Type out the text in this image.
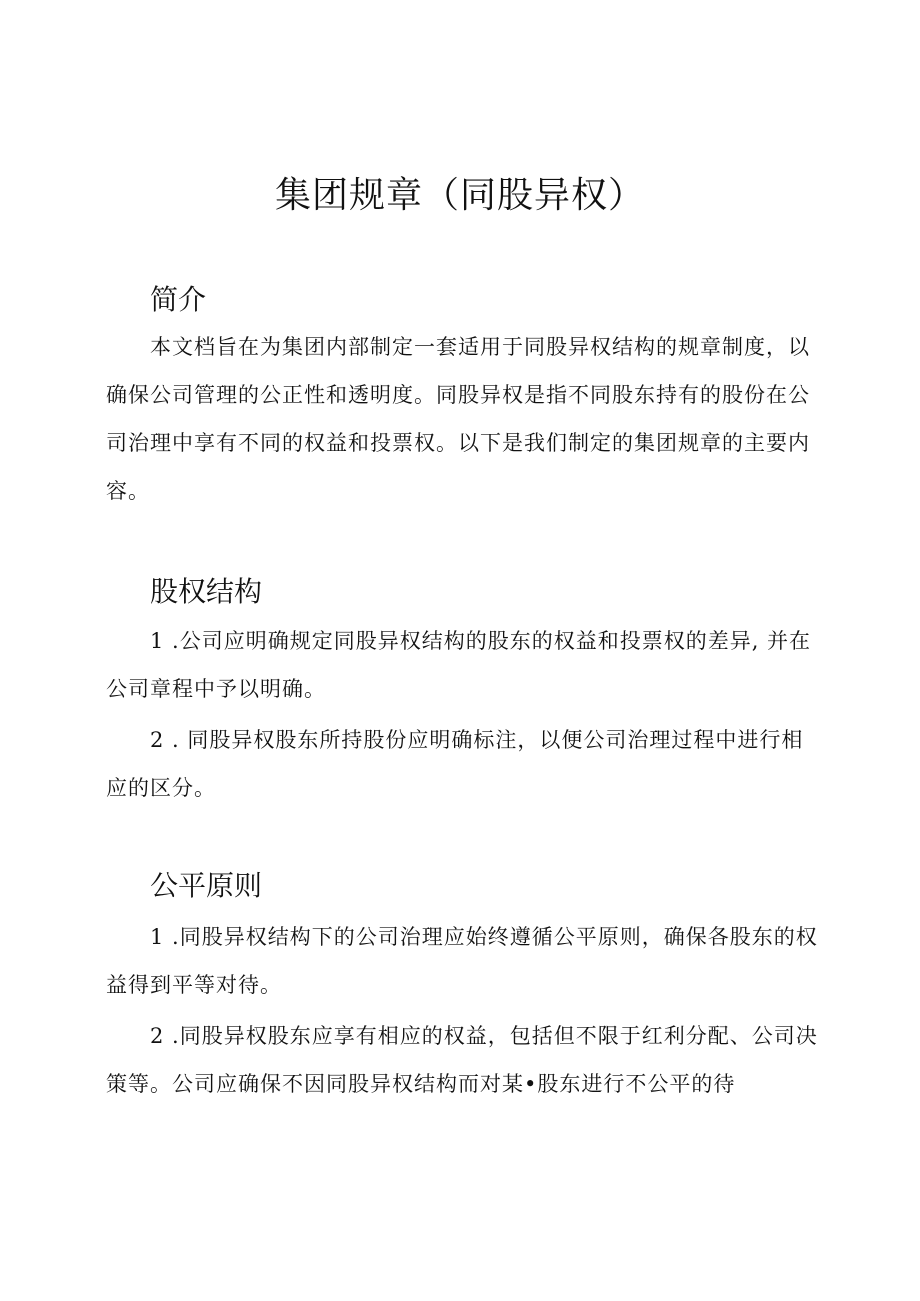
集团规章（同股异权）
简介

本文档旨在为集团内部制定一套适用于同股异权结构的规章制度，以确保公司管理的公正性和透明度。同股异权是指不同股东持有的股份在公司治理中享有不同的权益和投票权。以下是我们制定的集团规章的主要内容。

股权结构

1 .公司应明确规定同股异权结构的股东的权益和投票权的差异, 并在公司章程中予以明确。

2 . 同股异权股东所持股份应明确标注，以便公司治理过程中进行相应的区分。

公平原则

1 .同股异权结构下的公司治理应始终遵循公平原则，确保各股东的权益得到平等对待。

2 .同股异权股东应享有相应的权益，包括但不限于红利分配、公司决策等。公司应确保不因同股异权结构而对某•股东进行不公平的待
